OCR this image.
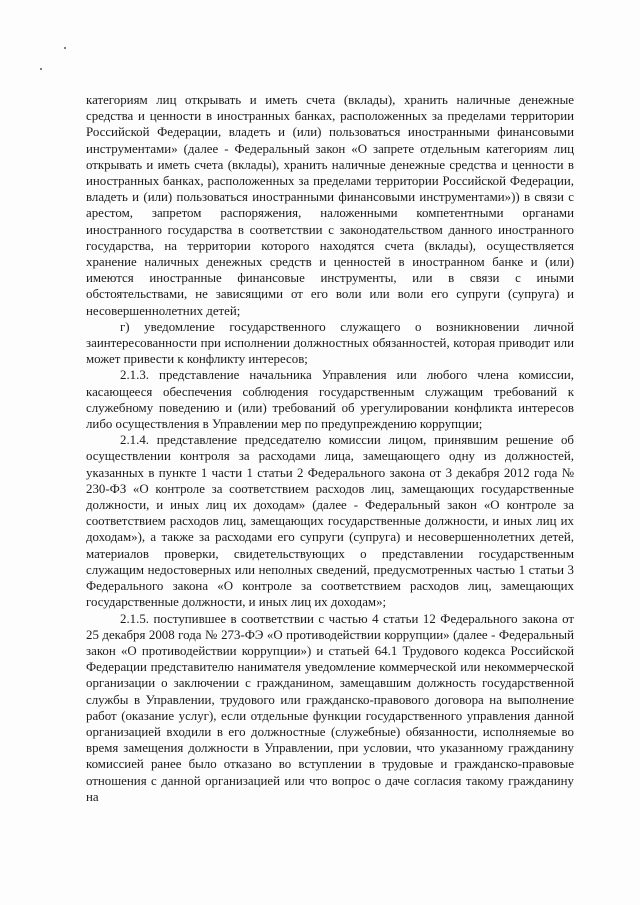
категориям лиц открывать и иметь счета (вклады), хранить наличные денежные средства и ценности в иностранных банках, расположенных за пределами территории Российской Федерации, владеть и (или) пользоваться иностранными финансовыми инструментами» (далее - Федеральный закон «О запрете отдельным категориям лиц открывать и иметь счета (вклады), хранить наличные денежные средства и ценности в иностранных банках, расположенных за пределами территории Российской Федерации, владеть и (или) пользоваться иностранными финансовыми инструментами»)) в связи с арестом, запретом распоряжения, наложенными компетентными органами иностранного государства в соответствии с законодательством данного иностранного государства, на территории которого находятся счета (вклады), осуществляется хранение наличных денежных средств и ценностей в иностранном банке и (или) имеются иностранные финансовые инструменты, или в связи с иными обстоятельствами, не зависящими от его воли или воли его супруги (супруга) и несовершеннолетних детей;

г) уведомление государственного служащего о возникновении личной заинтересованности при исполнении должностных обязанностей, которая приводит или может привести к конфликту интересов;

2.1.3. представление начальника Управления или любого члена комиссии, касающееся обеспечения соблюдения государственным служащим требований к служебному поведению и (или) требований об урегулировании конфликта интересов либо осуществления в Управлении мер по предупреждению коррупции;

2.1.4. представление председателю комиссии лицом, принявшим решение об осуществлении контроля за расходами лица, замещающего одну из должностей, указанных в пункте 1 части 1 статьи 2 Федерального закона от 3 декабря 2012 года № 230-ФЗ «О контроле за соответствием расходов лиц, замещающих государственные должности, и иных лиц их доходам» (далее - Федеральный закон «О контроле за соответствием расходов лиц, замещающих государственные должности, и иных лиц их доходам»), а также за расходами его супруги (супруга) и несовершеннолетних детей, материалов проверки, свидетельствующих о представлении государственным служащим недостоверных или неполных сведений, предусмотренных частью 1 статьи 3 Федерального закона «О контроле за соответствием расходов лиц, замещающих государственные должности, и иных лиц их доходам»;

2.1.5. поступившее в соответствии с частью 4 статьи 12 Федерального закона от 25 декабря 2008 года № 273-ФЭ «О противодействии коррупции» (далее - Федеральный закон «О противодействии коррупции») и статьей 64.1 Трудового кодекса Российской Федерации представителю нанимателя уведомление коммерческой или некоммерческой организации о заключении с гражданином, замещавшим должность государственной службы в Управлении, трудового или гражданско-правового договора на выполнение работ (оказание услуг), если отдельные функции государственного управления данной организацией входили в его должностные (служебные) обязанности, исполняемые во время замещения должности в Управлении, при условии, что указанному гражданину комиссией ранее было отказано во вступлении в трудовые и гражданско-правовые отношения с данной организацией или что вопрос о даче согласия такому гражданину на
